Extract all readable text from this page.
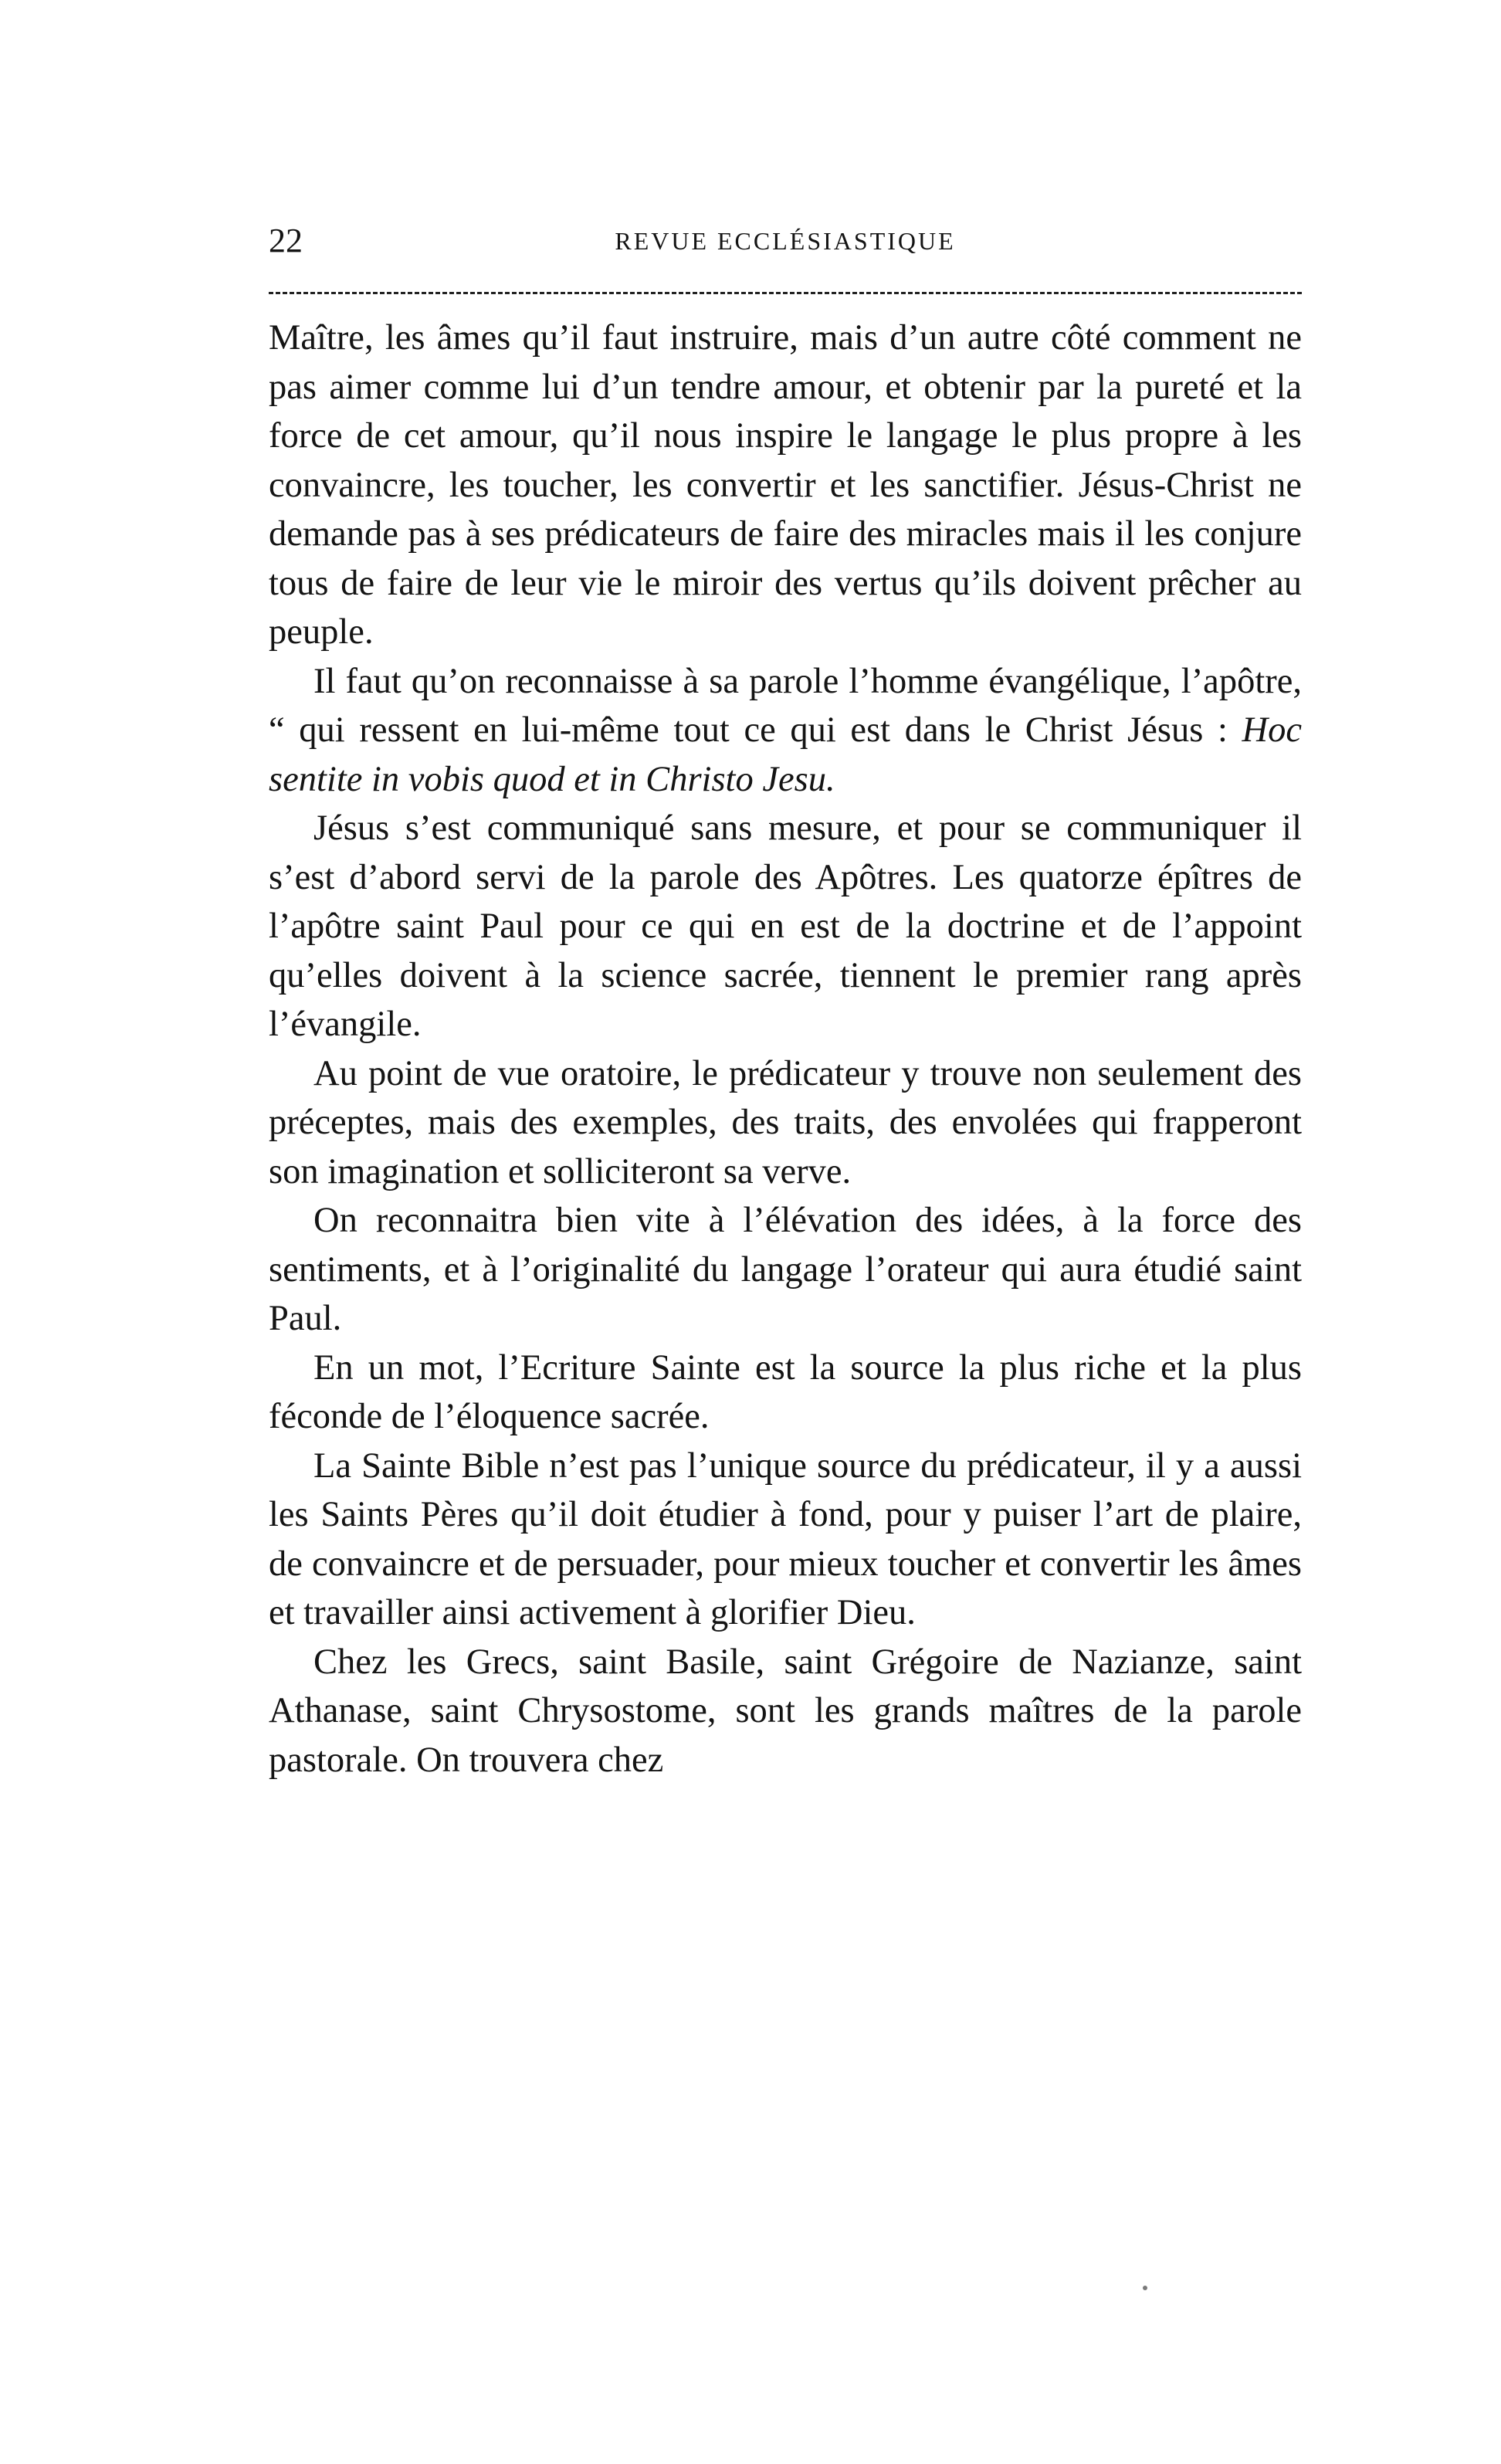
22	REVUE ECCLÉSIASTIQUE

Maître, les âmes qu’il faut instruire, mais d’un autre côté comment ne pas aimer comme lui d’un tendre amour, et obtenir par la pureté et la force de cet amour, qu’il nous inspire le langage le plus propre à les convaincre, les toucher, les convertir et les sanctifier. Jésus-Christ ne demande pas à ses prédicateurs de faire des miracles mais il les conjure tous de faire de leur vie le miroir des vertus qu’ils doivent prêcher au peuple.

Il faut qu’on reconnaisse à sa parole l’homme évangélique, l’apôtre, “ qui ressent en lui-même tout ce qui est dans le Christ Jésus : Hoc sentite in vobis quod et in Christo Jesu.

Jésus s’est communiqué sans mesure, et pour se communiquer il s’est d’abord servi de la parole des Apôtres. Les quatorze épîtres de l’apôtre saint Paul pour ce qui en est de la doctrine et de l’appoint qu’elles doivent à la science sacrée, tiennent le premier rang après l’évangile.

Au point de vue oratoire, le prédicateur y trouve non seulement des préceptes, mais des exemples, des traits, des envolées qui frapperont son imagination et solliciteront sa verve.

On reconnaitra bien vite à l’élévation des idées, à la force des sentiments, et à l’originalité du langage l’orateur qui aura étudié saint Paul.

En un mot, l’Ecriture Sainte est la source la plus riche et la plus féconde de l’éloquence sacrée.

La Sainte Bible n’est pas l’unique source du prédicateur, il y a aussi les Saints Pères qu’il doit étudier à fond, pour y puiser l’art de plaire, de convaincre et de persuader, pour mieux toucher et convertir les âmes et travailler ainsi activement à glorifier Dieu.

Chez les Grecs, saint Basile, saint Grégoire de Nazianze, saint Athanase, saint Chrysostome, sont les grands maîtres de la parole pastorale. On trouvera chez
